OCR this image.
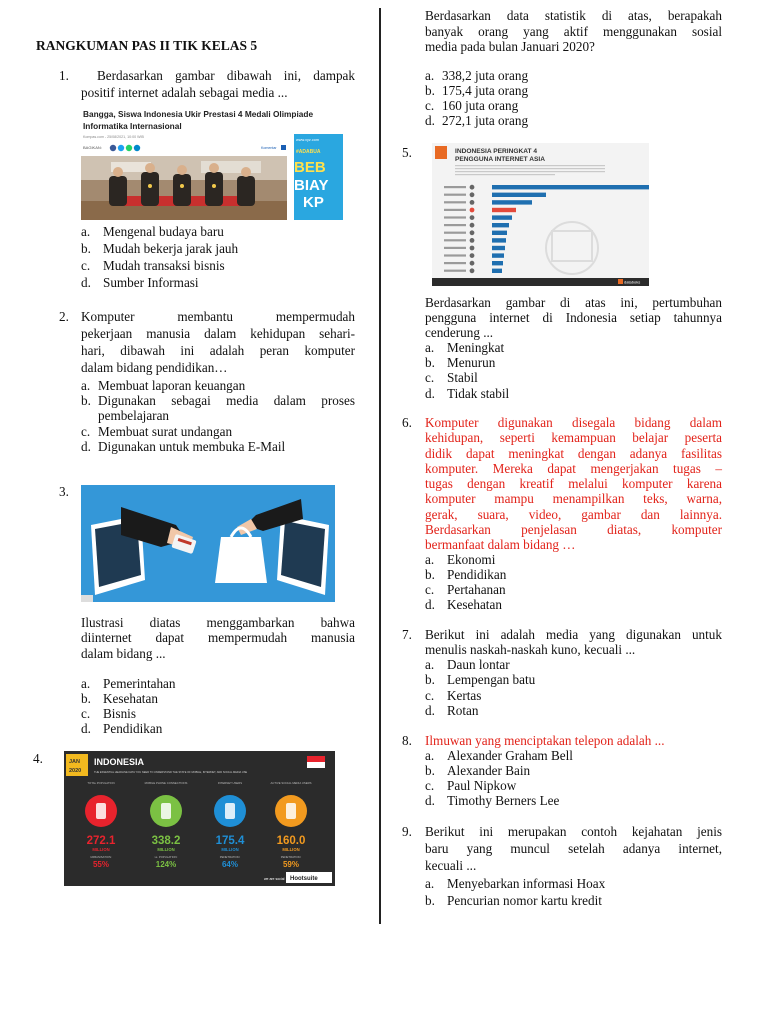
RANGKUMAN PAS II TIK KELAS 5
1. Berdasarkan gambar dibawah ini, dampak
positif internet adalah sebagai media ...
Bangga, Siswa Indonesia Ukir Prestasi 4 Medali Olimpiade
Informatika Internasional
Kompas.com - 25/08/2021, 10:00 WIB
BAGIKAN:	Komentar
www.xyz.com
#ADABUA
BEB
BIAY
KP
a. Mengenal budaya baru
b. Mudah bekerja jarak jauh
c. Mudah transaksi bisnis
d. Sumber Informasi
2. Komputer membantu mempermudah
pekerjaan manusia dalam kehidupan sehari-
hari, dibawah ini adalah peran komputer
dalam bidang pendidikan…
a. Membuat laporan keuangan
b. Digunakan sebagai media dalam proses
pembelajaran
c. Membuat surat undangan
d. Digunakan untuk membuka E-Mail
3.
Ilustrasi diatas menggambarkan bahwa
diinternet dapat mempermudah manusia
dalam bidang ...
a. Pemerintahan
b. Kesehatan
c. Bisnis
d. Pendidikan
4.	JAN
2020
INDONESIA
THE ESSENTIAL HEADLINE DATA YOU NEED TO UNDERSTAND THE STATE OF MOBILE, INTERNET, AND SOCIAL MEDIA USE
TOTAL POPULATION
272.1
MILLION
URBANISATION:
55%
MOBILE PHONE CONNECTIONS
338.2
MILLION
vs. POPULATION:
124%
INTERNET USERS
175.4
MILLION
PENETRATION:
64%
ACTIVE SOCIAL MEDIA USERS
160.0
MILLION
PENETRATION:
59%
we are social Hootsuite
Berdasarkan data statistik di atas, berapakah
banyak orang yang aktif menggunakan sosial
media pada bulan Januari 2020?
a. 338,2 juta orang
b. 175,4 juta orang
c. 160 juta orang
d. 272,1 juta orang
5.	INDONESIA PERINGKAT 4
PENGGUNA INTERNET ASIA
databoks
Berdasarkan gambar di atas ini, pertumbuhan
pengguna internet di Indonesia setiap tahunnya
cenderung ...
a. Meningkat
b. Menurun
c. Stabil
d. Tidak stabil
6. Komputer digunakan disegala bidang dalam
kehidupan, seperti kemampuan belajar peserta
didik dapat meningkat dengan adanya fasilitas
komputer. Mereka dapat mengerjakan tugas –
tugas dengan kreatif melalui komputer karena
komputer mampu menampilkan teks, warna,
gerak, suara, video, gambar dan lainnya.
Berdasarkan penjelasan diatas, komputer
bermanfaat dalam bidang …
a. Ekonomi
b. Pendidikan
c. Pertahanan
d. Kesehatan
7. Berikut ini adalah media yang digunakan untuk
menulis naskah-naskah kuno, kecuali ...
a. Daun lontar
b. Lempengan batu
c. Kertas
d. Rotan
8. Ilmuwan yang menciptakan telepon adalah ...
a. Alexander Graham Bell
b. Alexander Bain
c. Paul Nipkow
d. Timothy Berners Lee
9. Berikut ini merupakan contoh kejahatan jenis
baru yang muncul setelah adanya internet,
kecuali ...
a. Menyebarkan informasi Hoax
b. Pencurian nomor kartu kredit
